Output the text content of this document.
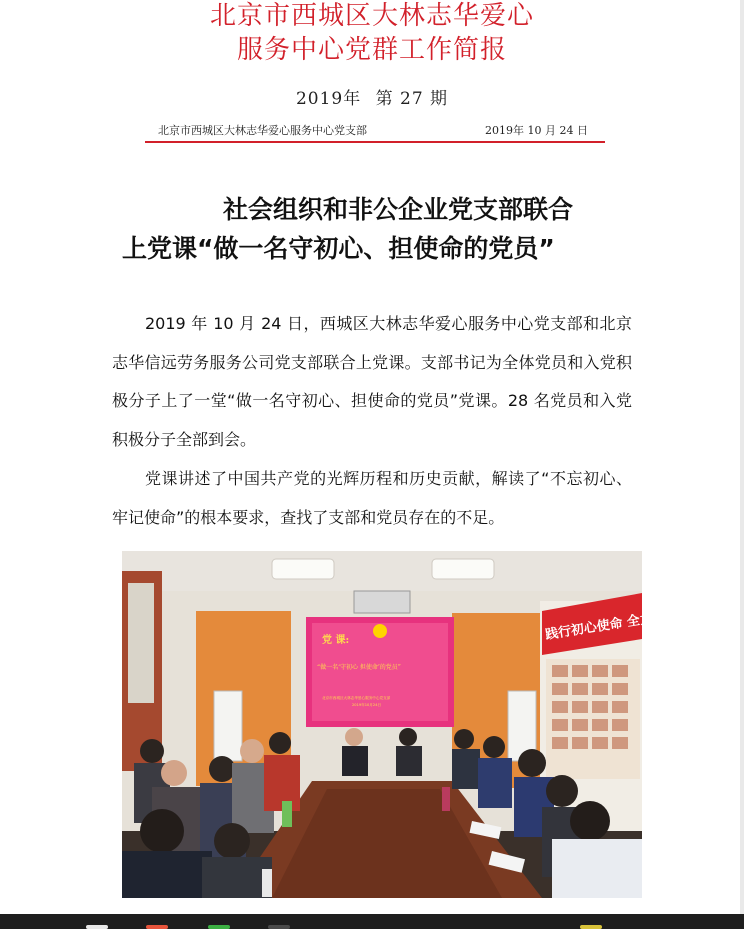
北京市西城区大林志华爱心
服务中心党群工作简报
2019年 第 27 期
北京市西城区大林志华爱心服务中心党支部	2019年 10 月 24 日
社会组织和非公企业党支部联合
上党课“做一名守初心、担使命的党员”
2019 年 10 月 24 日，西城区大林志华爱心服务中心党支部和北京志华信远劳务服务公司党支部联合上党课。支部书记为全体党员和入党积极分子上了一堂“做一名守初心、担使命的党员”党课。28 名党员和入党积极分子全部到会。
党课讲述了中国共产党的光辉历程和历史贡献，解读了“不忘初心、牢记使命”的根本要求，查找了支部和党员存在的不足。
党 课:
“做一名‘守初心 担使命’的党员”
北京市西城区大林志华爱心服务中心党支部
2019年10月24日
践行初心使命 全力
